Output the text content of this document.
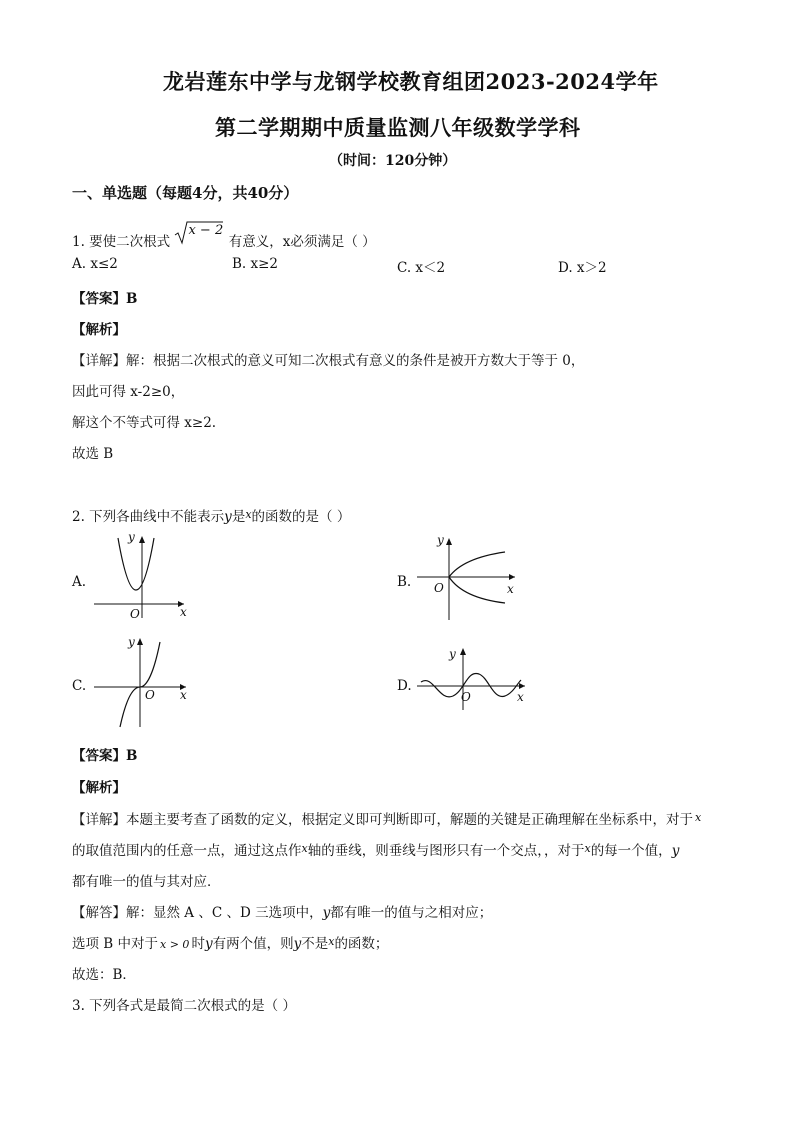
龙岩莲东中学与龙钢学校教育组团2023-2024学年
第二学期期中质量监测八年级数学学科
（时间：120分钟）
一、单选题（每题4分，共40分）
1. 要使二次根式
x − 2
有意义，x必须满足（ ）
A. x≤2	B. x≥2	C. x＜2	D. x＞2
【答案】B
【解析】
【详解】解：根据二次根式的意义可知二次根式有意义的条件是被开方数大于等于 0，
因此可得 x-2≥0，
解这个不等式可得 x≥2.
故选 B
2. 下列各曲线中不能表示y是$^x$的函数的是（ ）
A.
y
x
O
B.
y
x
O
C.
y
x
O
D.
y
x
O
【答案】B
【解析】
【详解】本题主要考查了函数的定义，根据定义即可判断即可，解题的关键是正确理解在坐标系中，对于 $^x$
的取值范围内的任意一点，通过这点作$^x$轴的垂线，则垂线与图形只有一个交点，，对于$^x$的每一个值，y
都有唯一的值与其对应．
【解答】解：显然 A 、C 、D 三选项中，y都有唯一的值与之相对应；
选项 B 中对于 x > 0 时y有两个值，则y不是$^x$的函数；
故选：B．
3. 下列各式是最简二次根式的是（ ）
